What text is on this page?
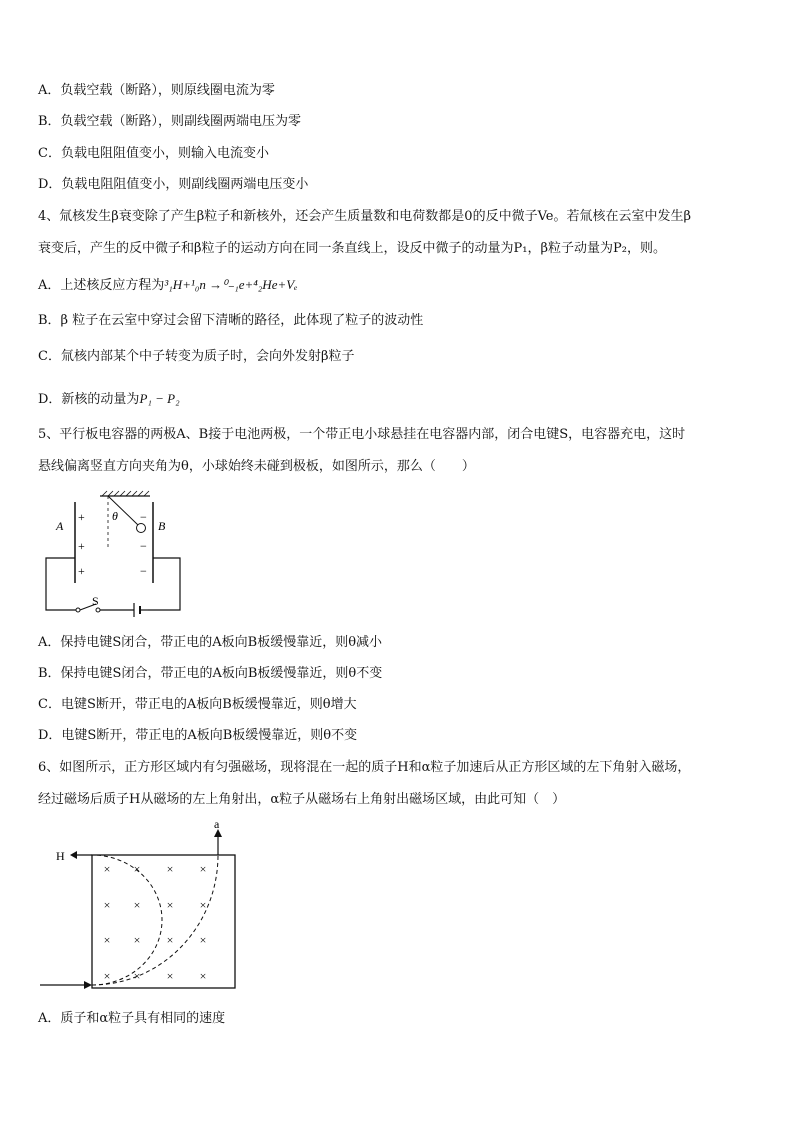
A．负载空载（断路），则原线圈电流为零
B．负载空载（断路），则副线圈两端电压为零
C．负载电阻阻值变小，则输入电流变小
D．负载电阻阻值变小，则副线圈两端电压变小
4、氚核发生β衰变除了产生β粒子和新核外，还会产生质量数和电荷数都是0的反中微子Ve。若氚核在云室中发生β
衰变后，产生的反中微子和β粒子的运动方向在同一条直线上，设反中微子的动量为P₁，β粒子动量为P₂，则。
A．上述核反应方程为³₁H+¹₀n →⁰₋₁e+⁴₂He+Vₑ
B．β 粒子在云室中穿过会留下清晰的路径，此体现了粒子的波动性
C．氚核内部某个中子转变为质子时，会向外发射β粒子
D．新核的动量为P₁ − P₂
5、平行板电容器的两极A、B接于电池两极，一个带正电小球悬挂在电容器内部，闭合电键S，电容器充电，这时
悬线偏离竖直方向夹角为θ，小球始终未碰到极板，如图所示，那么（　　）
A	B
θ
S
+
+
+
−
−
−
A．保持电键S闭合，带正电的A板向B板缓慢靠近，则θ减小
B．保持电键S闭合，带正电的A板向B板缓慢靠近，则θ不变
C．电键S断开，带正电的A板向B板缓慢靠近，则θ增大
D．电键S断开，带正电的A板向B板缓慢靠近，则θ不变
6、如图所示，正方形区域内有匀强磁场，现将混在一起的质子H和α粒子加速后从正方形区域的左下角射入磁场，
经过磁场后质子H从磁场的左上角射出，α粒子从磁场右上角射出磁场区域，由此可知（　）
× × × ×
× × × ×
× × × ×
× × × ×
H
a
A．质子和α粒子具有相同的速度
